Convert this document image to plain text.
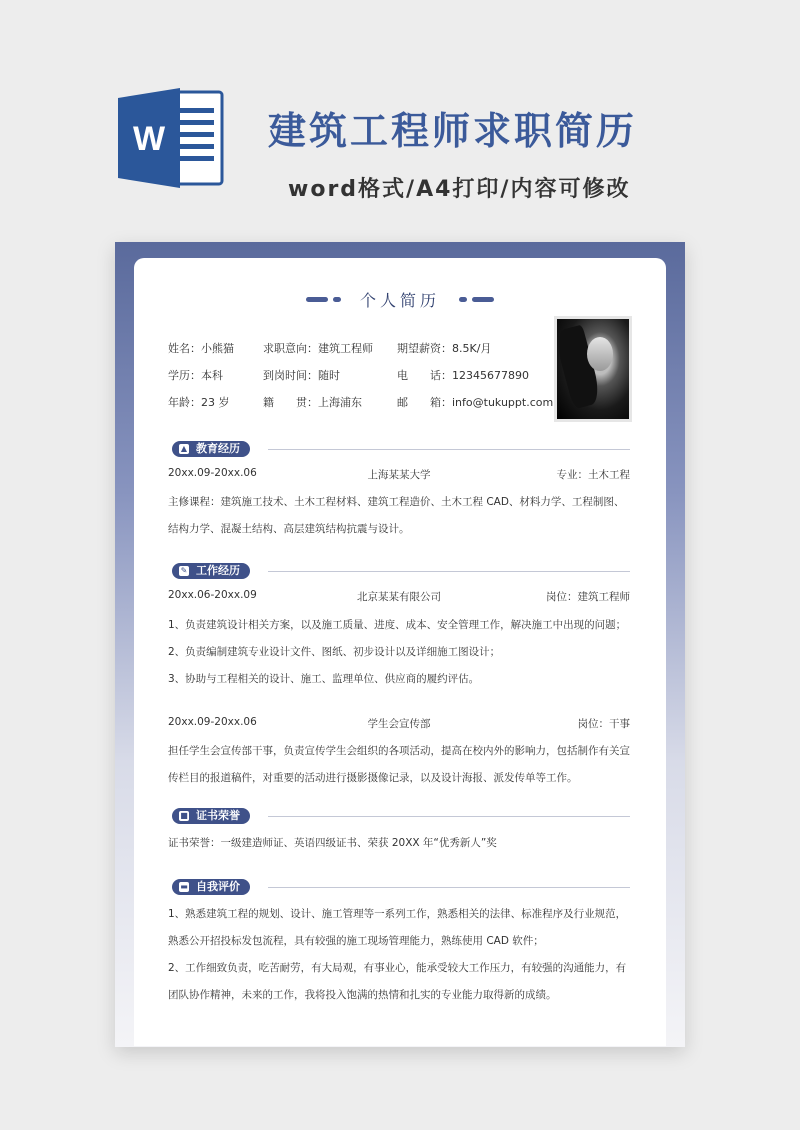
W	建筑工程师求职简历
word格式/A4打印/内容可修改
个人简历
姓名：小熊猫	求职意向：建筑工程师 期望薪资：8.5K/月
学历：本科	到岗时间：随时	电　　话：12345677890
年龄：23 岁	籍　　贯：上海浦东	邮　　箱：info@tukuppt.com
▲ 教育经历
20xx.09-20xx.06	上海某某大学	专业：土木工程
主修课程：建筑施工技术、土木工程材料、建筑工程造价、土木工程 CAD、材料力学、工程制图、
结构力学、混凝土结构、高层建筑结构抗震与设计。
✎ 工作经历
20xx.06-20xx.09	北京某某有限公司	岗位：建筑工程师
1、负责建筑设计相关方案，以及施工质量、进度、成本、安全管理工作，解决施工中出现的问题；
2、负责编制建筑专业设计文件、图纸、初步设计以及详细施工图设计；
3、协助与工程相关的设计、施工、监理单位、供应商的履约评估。
20xx.09-20xx.06	学生会宣传部	岗位：干事
担任学生会宣传部干事，负责宣传学生会组织的各项活动，提高在校内外的影响力，包括制作有关宣
传栏目的报道稿件，对重要的活动进行摄影摄像记录，以及设计海报、派发传单等工作。
■ 证书荣誉
证书荣誉：一级建造师证、英语四级证书、荣获 20XX 年“优秀新人”奖
▬ 自我评价
1、熟悉建筑工程的规划、设计、施工管理等一系列工作，熟悉相关的法律、标准程序及行业规范，
熟悉公开招投标发包流程，具有较强的施工现场管理能力，熟练使用 CAD 软件；
2、工作细致负责，吃苦耐劳，有大局观，有事业心，能承受较大工作压力，有较强的沟通能力，有
团队协作精神，未来的工作，我将投入饱满的热情和扎实的专业能力取得新的成绩。
